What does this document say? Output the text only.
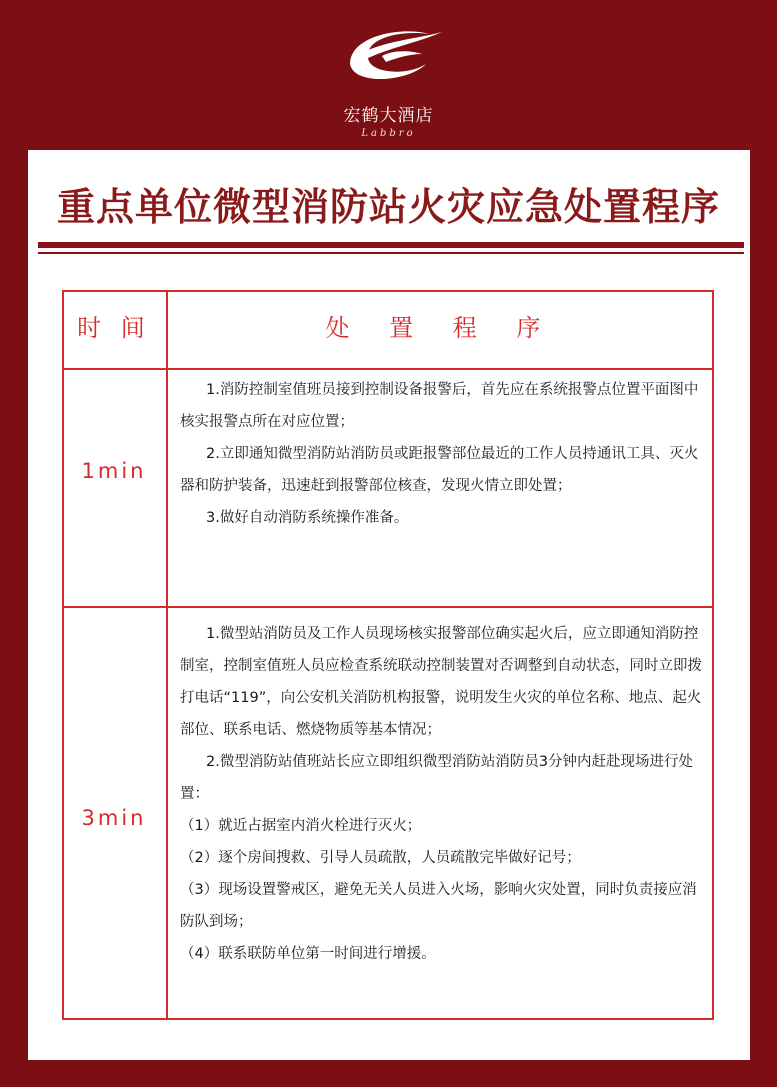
宏鹤大酒店
Labbro
重点单位微型消防站火灾应急处置程序
时 间	处 置 程 序
1min

1.消防控制室值班员接到控制设备报警后，首先应在系统报警点位置平面图中核实报警点所在对应位置；

2.立即通知微型消防站消防员或距报警部位最近的工作人员持通讯工具、灭火器和防护装备，迅速赶到报警部位核查，发现火情立即处置；

3.做好自动消防系统操作准备。

3min

1.微型站消防员及工作人员现场核实报警部位确实起火后，应立即通知消防控制室，控制室值班人员应检查系统联动控制装置对否调整到自动状态，同时立即拨打电话“119”，向公安机关消防机构报警，说明发生火灾的单位名称、地点、起火部位、联系电话、燃烧物质等基本情况；

2.微型消防站值班站长应立即组织微型消防站消防员3分钟内赶赴现场进行处置：

（1）就近占据室内消火栓进行灭火；

（2）逐个房间搜救、引导人员疏散，人员疏散完毕做好记号；

（3）现场设置警戒区，避免无关人员进入火场，影响火灾处置，同时负责接应消防队到场；

（4）联系联防单位第一时间进行增援。
